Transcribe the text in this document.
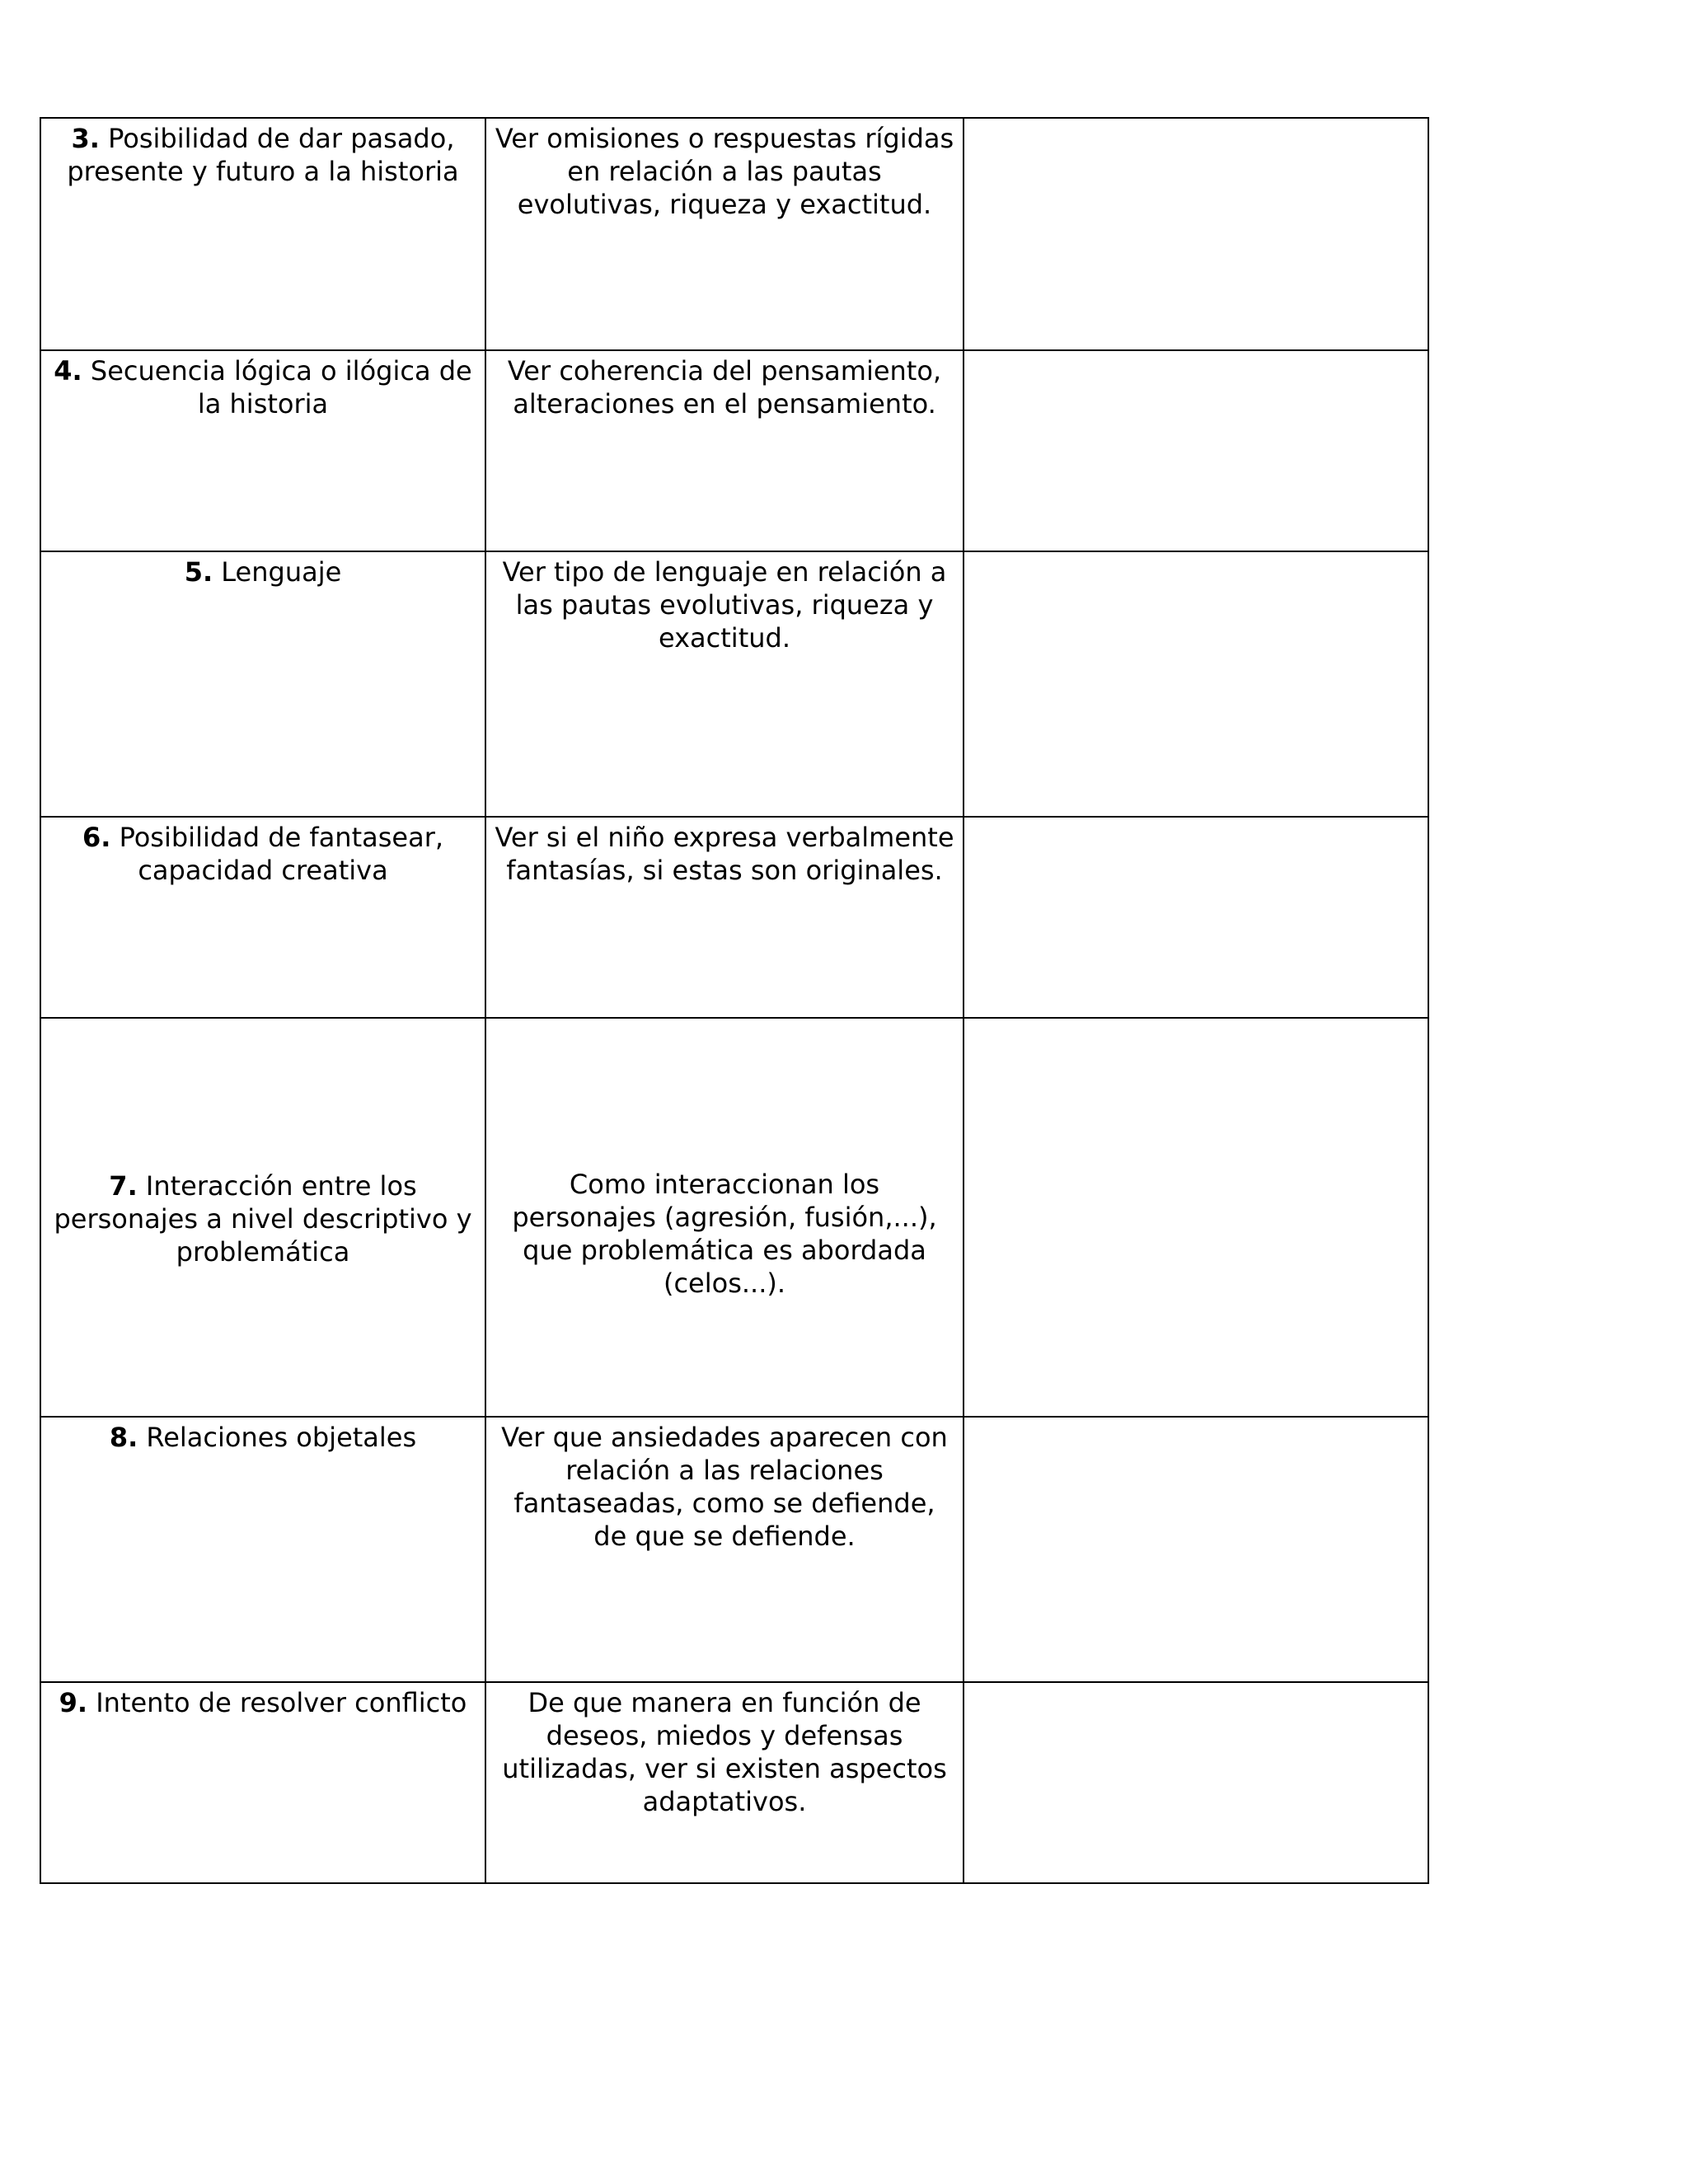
3. Posibilidad de dar pasado, presente y futuro a la historia	Ver omisiones o respuestas rígidas en relación a las pautas evolutivas, riqueza y exactitud.	
4. Secuencia lógica o ilógica de la historia	Ver coherencia del pensamiento, alteraciones en el pensamiento.	
5. Lenguaje	Ver tipo de lenguaje en relación a las pautas evolutivas, riqueza y exactitud.	
6. Posibilidad de fantasear, capacidad creativa	Ver si el niño expresa verbalmente fantasías, si estas son originales.	
7. Interacción entre los personajes a nivel descriptivo y problemática	Como interaccionan los personajes (agresión, fusión,...), que problemática es abordada (celos...).	
8. Relaciones objetales	Ver que ansiedades aparecen con relación a las relaciones fantaseadas, como se defiende, de que se defiende.	
9. Intento de resolver conflicto	De que manera en función de deseos, miedos y defensas utilizadas, ver si existen aspectos adaptativos.	
